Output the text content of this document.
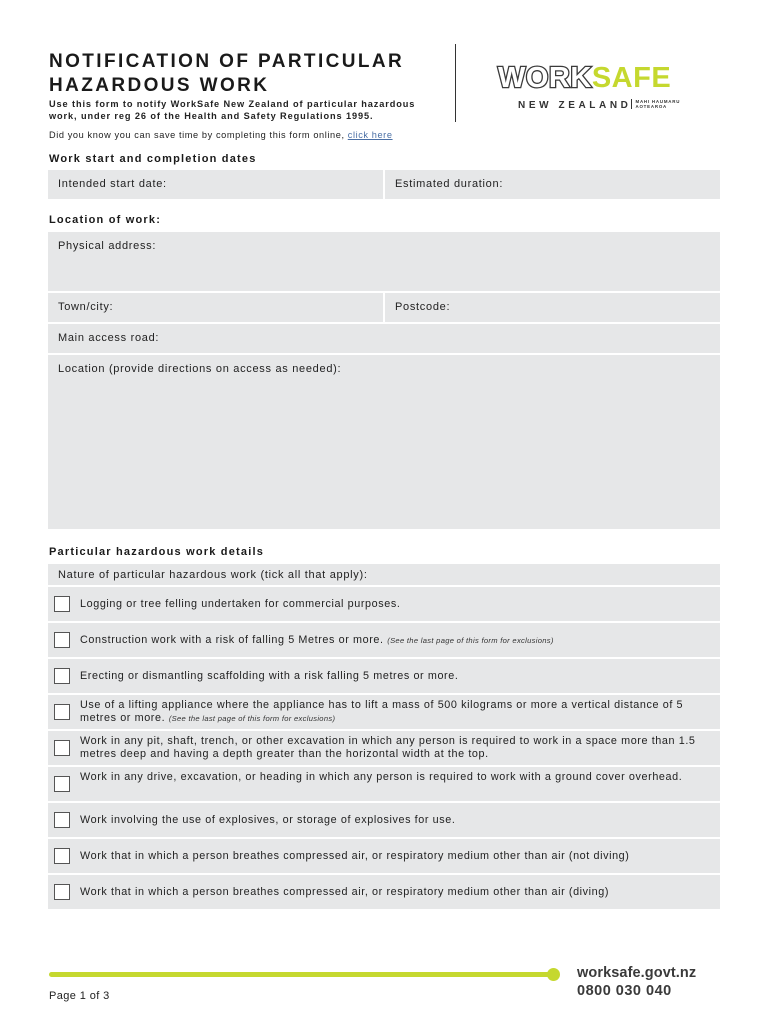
NOTIFICATION OF PARTICULAR
HAZARDOUS WORK
Use this form to notify WorkSafe New Zealand of particular hazardous
work, under reg 26 of the Health and Safety Regulations 1995.
Did you know you can save time by completing this form online, click here
WORKSAFE
NEW ZEALAND MAHI HAUMARU
AOTEAROA
Work start and completion dates
Intended start date:	Estimated duration:
Location of work:
Physical address:
Town/city:	Postcode:
Main access road:
Location (provide directions on access as needed):
Particular hazardous work details
Nature of particular hazardous work (tick all that apply):
Logging or tree felling undertaken for commercial purposes.
Construction work with a risk of falling 5 Metres or more. (See the last page of this form for exclusions)
Erecting or dismantling scaffolding with a risk falling 5 metres or more.
Use of a lifting appliance where the appliance has to lift a mass of 500 kilograms or more a vertical distance of 5 metres or more. (See the last page of this form for exclusions)
Work in any pit, shaft, trench, or other excavation in which any person is required to work in a space more than 1.5 metres deep and having a depth greater than the horizontal width at the top.
Work in any drive, excavation, or heading in which any person is required to work with a ground cover overhead.
Work involving the use of explosives, or storage of explosives for use.
Work that in which a person breathes compressed air, or respiratory medium other than air (not diving)
Work that in which a person breathes compressed air, or respiratory medium other than air (diving)
Page 1 of 3
worksafe.govt.nz
0800 030 040
